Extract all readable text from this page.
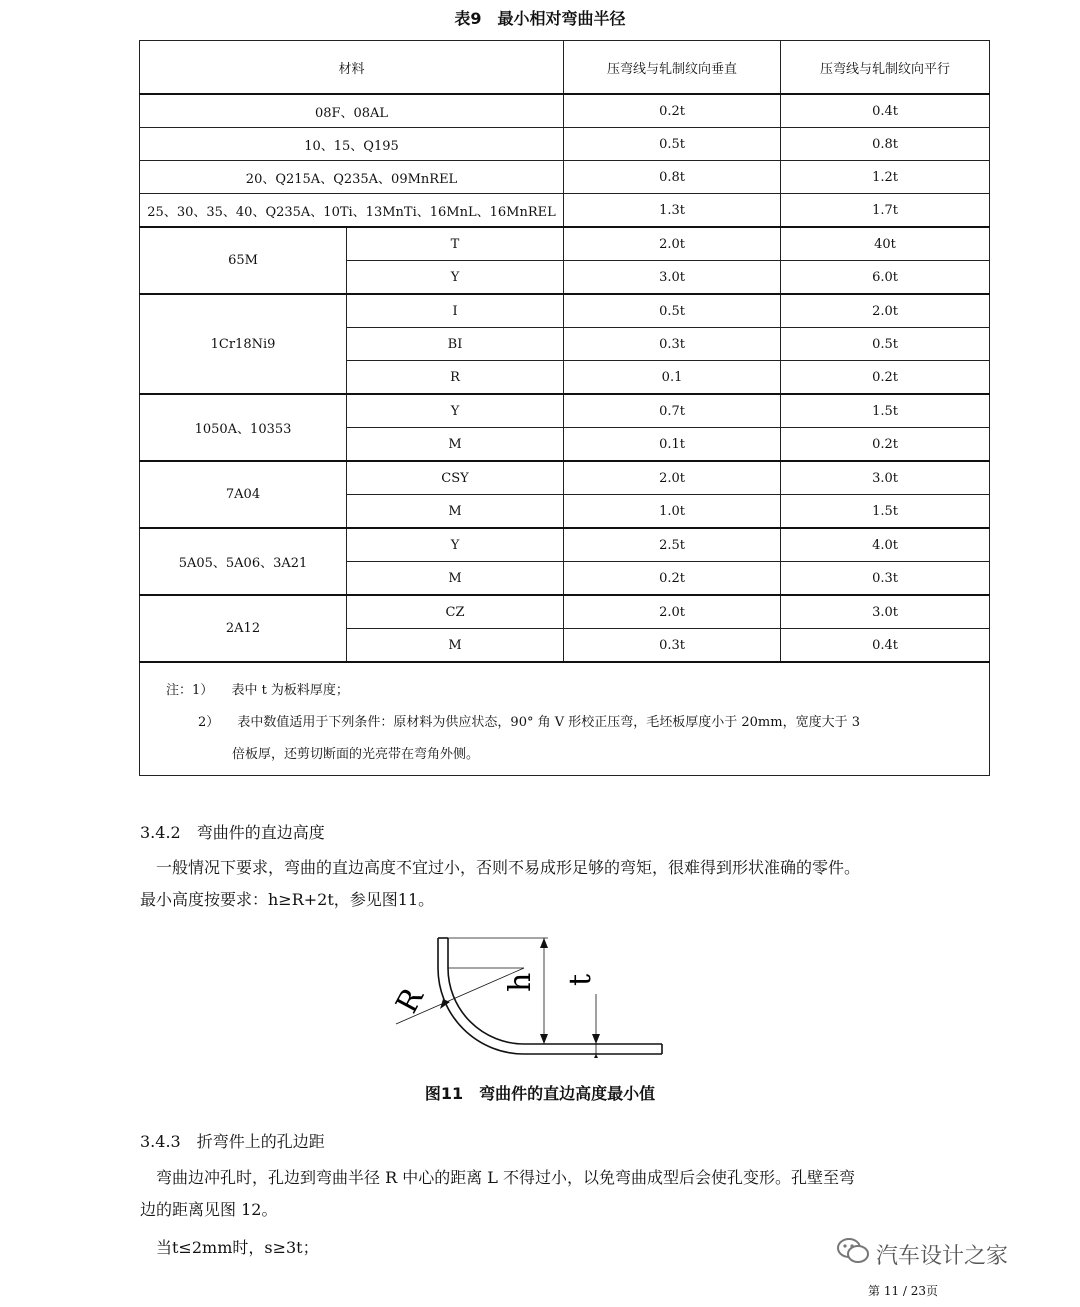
表9　最小相对弯曲半径
材料		压弯线与轧制纹向垂直	压弯线与轧制纹向平行
08F、08AL		0.2t	0.4t
10、15、Q195		0.5t	0.8t
20、Q215A、Q235A、09MnREL		0.8t	1.2t
25、30、35、40、Q235A、10Ti、13MnTi、16MnL、16MnREL		1.3t	1.7t
65M	T	2.0t	40t
	Y	3.0t	6.0t
1Cr18Ni9	I	0.5t	2.0t
	BI	0.3t	0.5t
	R	0.1	0.2t
1050A、10353	Y	0.7t	1.5t
	M	0.1t	0.2t
7A04	CSY	2.0t	3.0t
	M	1.0t	1.5t
5A05、5A06、3A21	Y	2.5t	4.0t
	M	0.2t	0.3t
2A12	CZ	2.0t	3.0t
	M	0.3t	0.4t

注：1） 表中 t 为板料厚度；
2） 表中数值适用于下列条件：原材料为供应状态，90° 角 V 形校正压弯，毛坯板厚度小于 20mm，宽度大于 3
倍板厚，还剪切断面的光亮带在弯角外侧。			
3.4.2　弯曲件的直边高度
　一般情况下要求，弯曲的直边高度不宜过小，否则不易成形足够的弯矩，很难得到形状准确的零件。
最小高度按要求：h≥R+2t，参见图11。
R
h t
图11　弯曲件的直边高度最小值
3.4.3　折弯件上的孔边距
　弯曲边冲孔时，孔边到弯曲半径 R 中心的距离 L 不得过小，以免弯曲成型后会使孔变形。孔壁至弯
边的距离见图 12。
　当t≤2mm时，s≥3t；	汽车设计之家
第 11 / 23页
